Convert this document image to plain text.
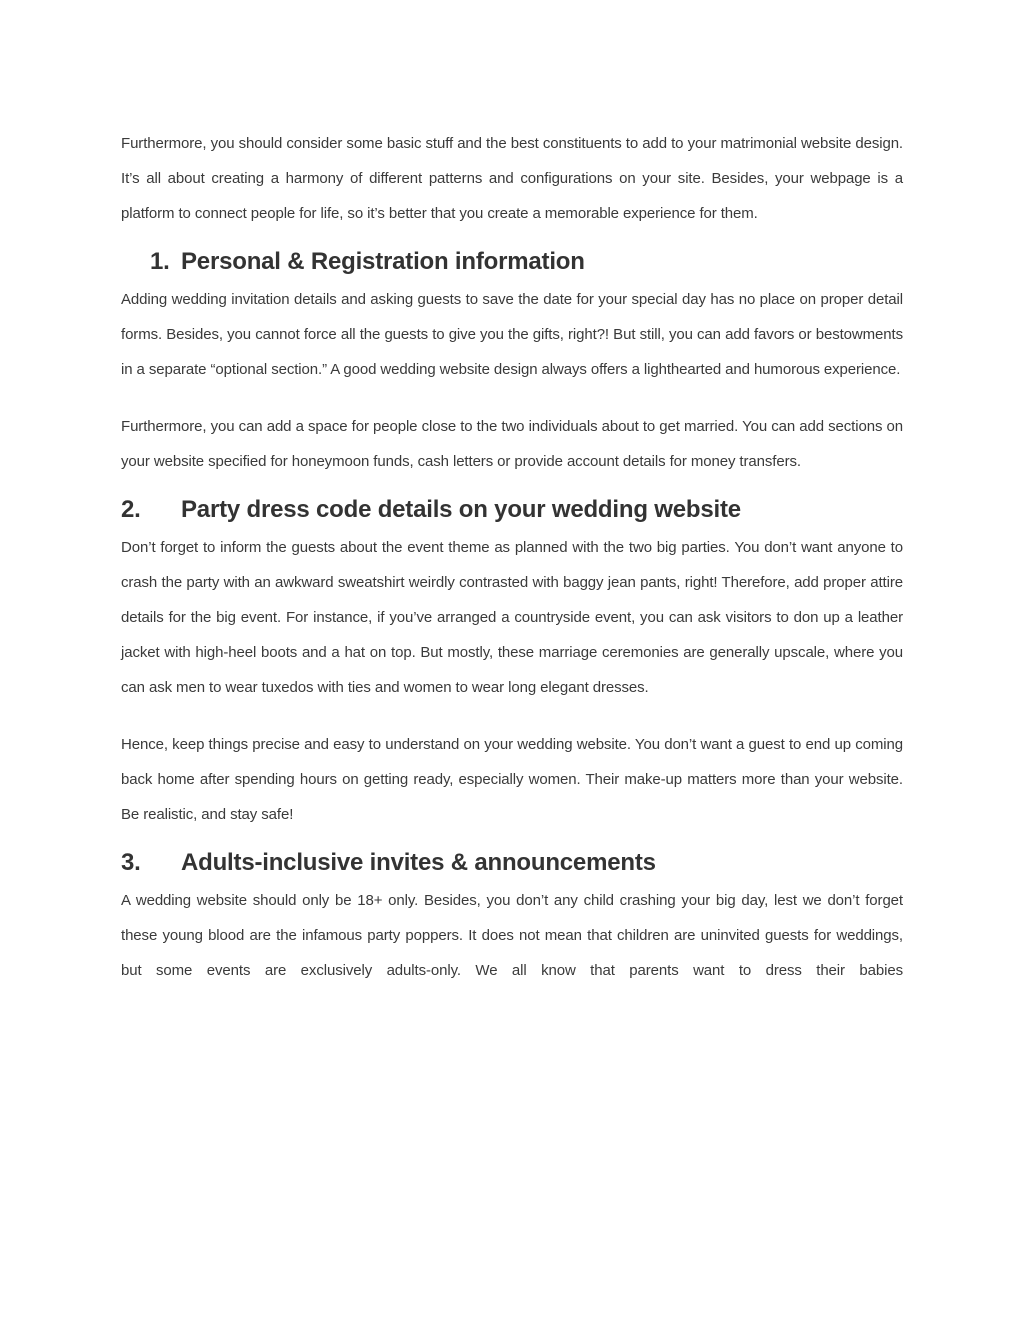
Furthermore, you should consider some basic stuff and the best constituents to add to your matrimonial website design. It’s all about creating a harmony of different patterns and configurations on your site. Besides, your webpage is a platform to connect people for life, so it’s better that you create a memorable experience for them.

1. Personal & Registration information

Adding wedding invitation details and asking guests to save the date for your special day has no place on proper detail forms. Besides, you cannot force all the guests to give you the gifts, right?! But still, you can add favors or bestowments in a separate “optional section.” A good wedding website design always offers a lighthearted and humorous experience.

Furthermore, you can add a space for people close to the two individuals about to get married. You can add sections on your website specified for honeymoon funds, cash letters or provide account details for money transfers.

2.	Party dress code details on your wedding website

Don’t forget to inform the guests about the event theme as planned with the two big parties. You don’t want anyone to crash the party with an awkward sweatshirt weirdly contrasted with baggy jean pants, right! Therefore, add proper attire details for the big event. For instance, if you’ve arranged a countryside event, you can ask visitors to don up a leather jacket with high-heel boots and a hat on top. But mostly, these marriage ceremonies are generally upscale, where you can ask men to wear tuxedos with ties and women to wear long elegant dresses.

Hence, keep things precise and easy to understand on your wedding website. You don’t want a guest to end up coming back home after spending hours on getting ready, especially women. Their make-up matters more than your website. Be realistic, and stay safe!

3.	Adults-inclusive invites & announcements

A wedding website should only be 18+ only. Besides, you don’t any child crashing your big day, lest we don’t forget these young blood are the infamous party poppers. It does not mean that children are uninvited guests for weddings, but some events are exclusively adults-only. We all know that parents want to dress their babies
